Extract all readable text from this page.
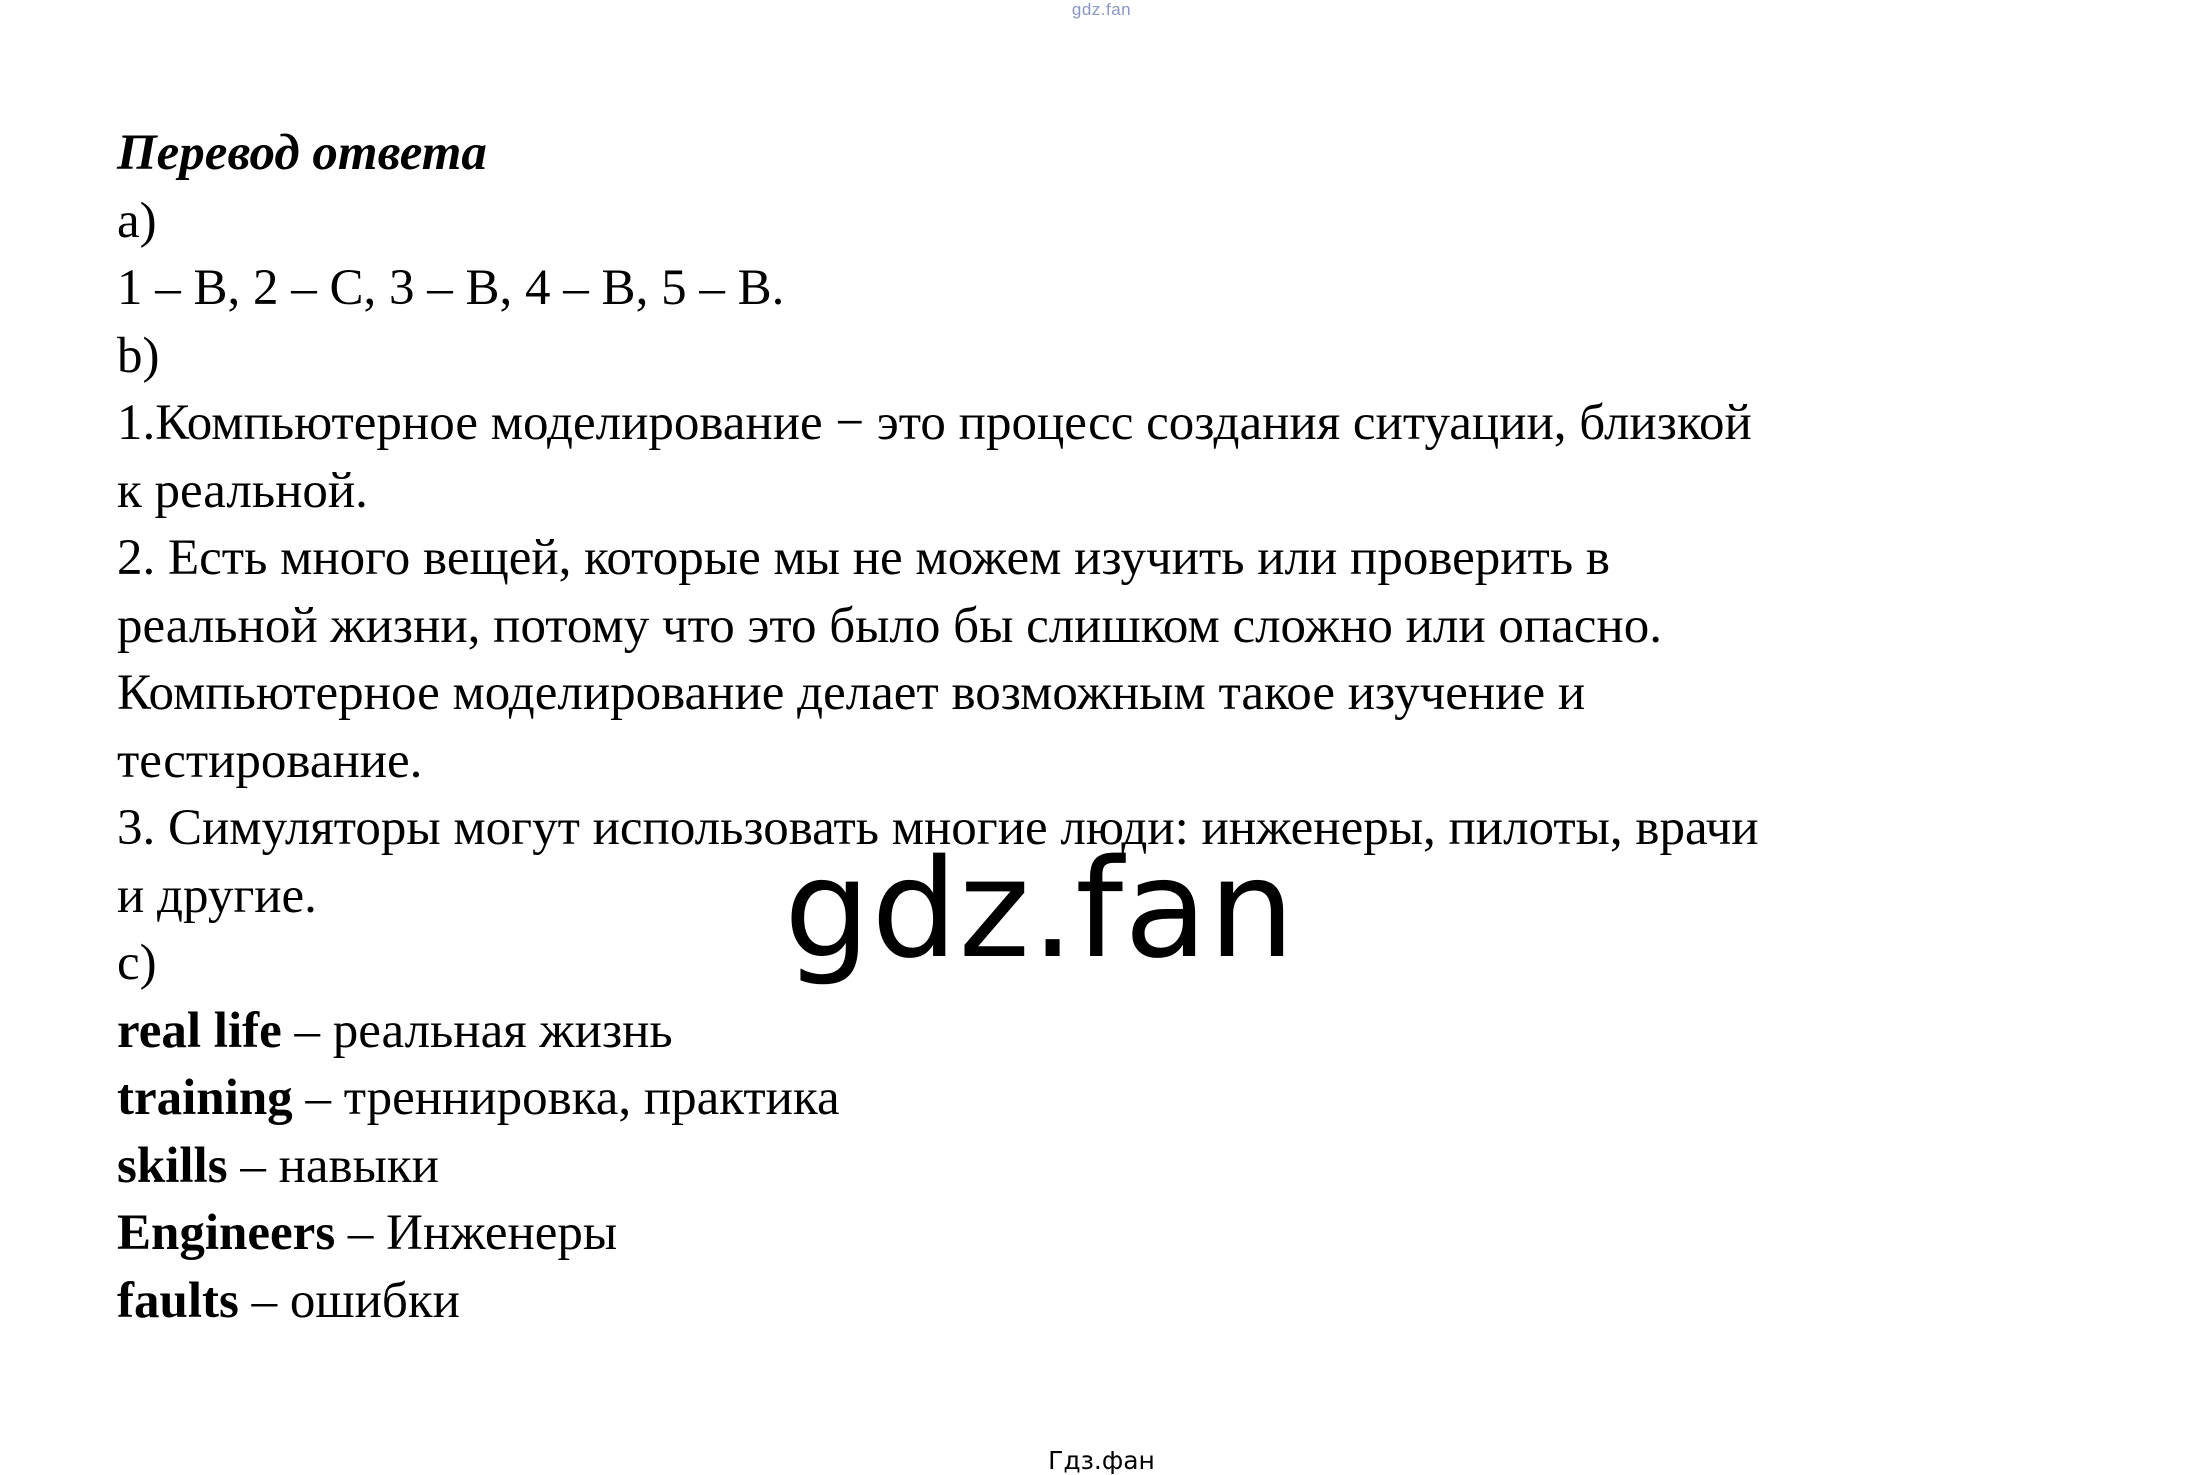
gdz.fan
Перевод ответа
a)
1 – B, 2 – C, 3 – B, 4 – B, 5 – B.
b)
1.Компьютерное моделирование − это процесс создания ситуации, близкой
к реальной.
2. Есть много вещей, которые мы не можем изучить или проверить в
реальной жизни, потому что это было бы слишком сложно или опасно.
Компьютерное моделирование делает возможным такое изучение и
тестирование.
3. Симуляторы могут использовать многие люди: инженеры, пилоты, врачи
и другие.
c)
real life – реальная жизнь
training – треннировка, практика
skills – навыки
Engineers – Инженеры
faults – ошибки
gdz.fan
Гдз.фан
